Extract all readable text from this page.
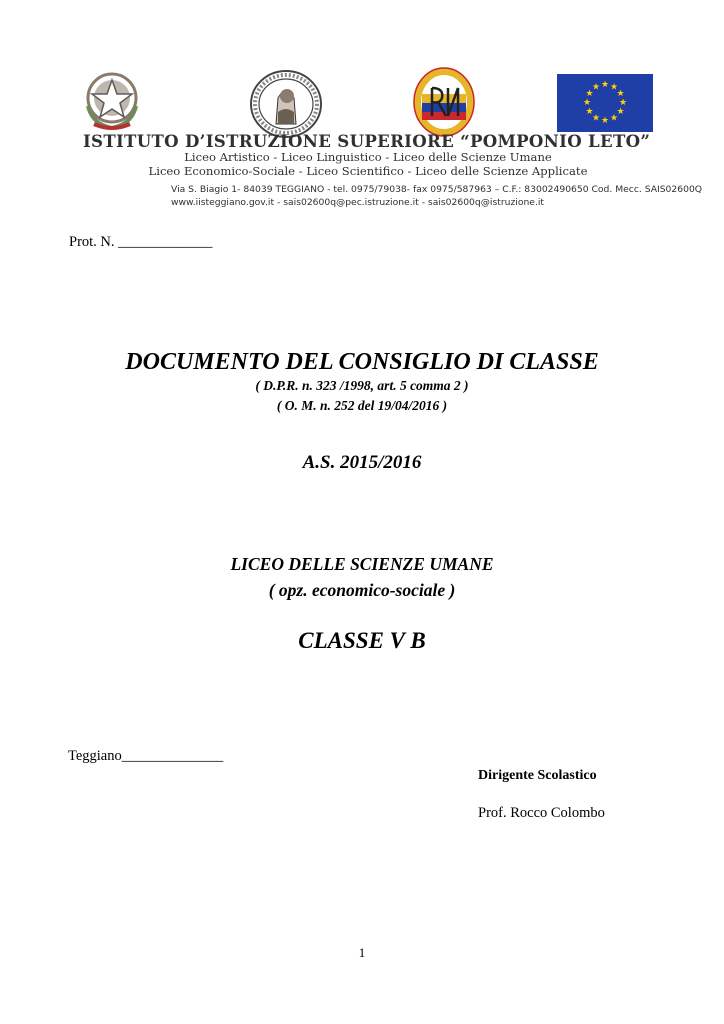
★ ★
★
★
★
★
★
★
★
★
★
★
ISTITUTO D’ISTRUZIONE SUPERIORE “POMPONIO LETO”
Liceo Artistico - Liceo Linguistico - Liceo delle Scienze Umane
Liceo Economico-Sociale - Liceo Scientifico - Liceo delle Scienze Applicate
Via S. Biagio 1- 84039 TEGGIANO - tel. 0975/79038- fax 0975/587963 – C.F.: 83002490650 Cod. Mecc. SAIS02600Q
www.iisteggiano.gov.it - sais02600q@pec.istruzione.it - sais02600q@istruzione.it
Prot. N. _____________
DOCUMENTO DEL CONSIGLIO DI CLASSE
( D.P.R. n. 323 /1998, art. 5 comma 2 )
( O. M. n. 252 del 19/04/2016 )
A.S. 2015/2016
LICEO DELLE SCIENZE UMANE
( opz. economico-sociale )
CLASSE V B
Teggiano______________
Dirigente Scolastico
Prof. Rocco Colombo
1
